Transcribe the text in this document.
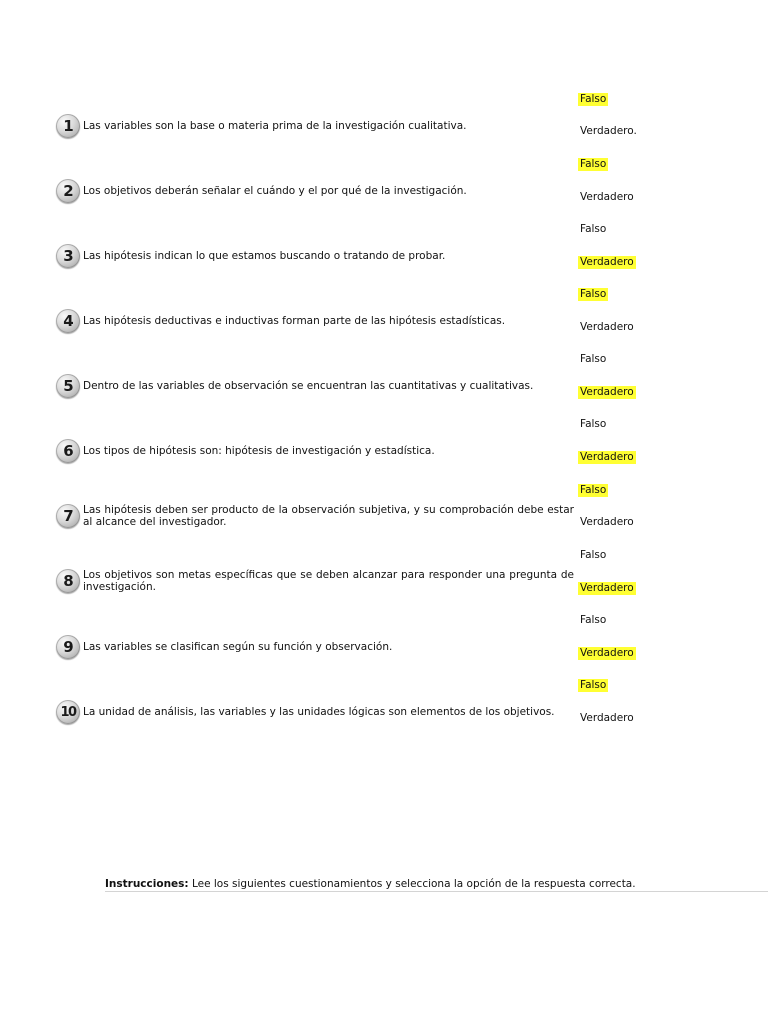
1 Las variables son la base o materia prima de la investigación cualitativa.
Falso
Verdadero.
2 Los objetivos deberán señalar el cuándo y el por qué de la investigación.
Falso
Verdadero
3 Las hipótesis indican lo que estamos buscando o tratando de probar.
Falso
Verdadero
4 Las hipótesis deductivas e inductivas forman parte de las hipótesis estadísticas.
Falso
Verdadero
5 Dentro de las variables de observación se encuentran las cuantitativas y cualitativas.
Falso
Verdadero
6 Los tipos de hipótesis son: hipótesis de investigación y estadística.
Falso
Verdadero
7 Las hipótesis deben ser producto de la observación subjetiva, y su comprobación debe estar al alcance del investigador.
Falso
Verdadero
8 Los objetivos son metas específicas que se deben alcanzar para responder una pregunta de investigación.
Falso
Verdadero
9 Las variables se clasifican según su función y observación.
Falso
Verdadero
10 La unidad de análisis, las variables y las unidades lógicas son elementos de los objetivos.
Falso
Verdadero
Instrucciones: Lee los siguientes cuestionamientos y selecciona la opción de la respuesta correcta.
